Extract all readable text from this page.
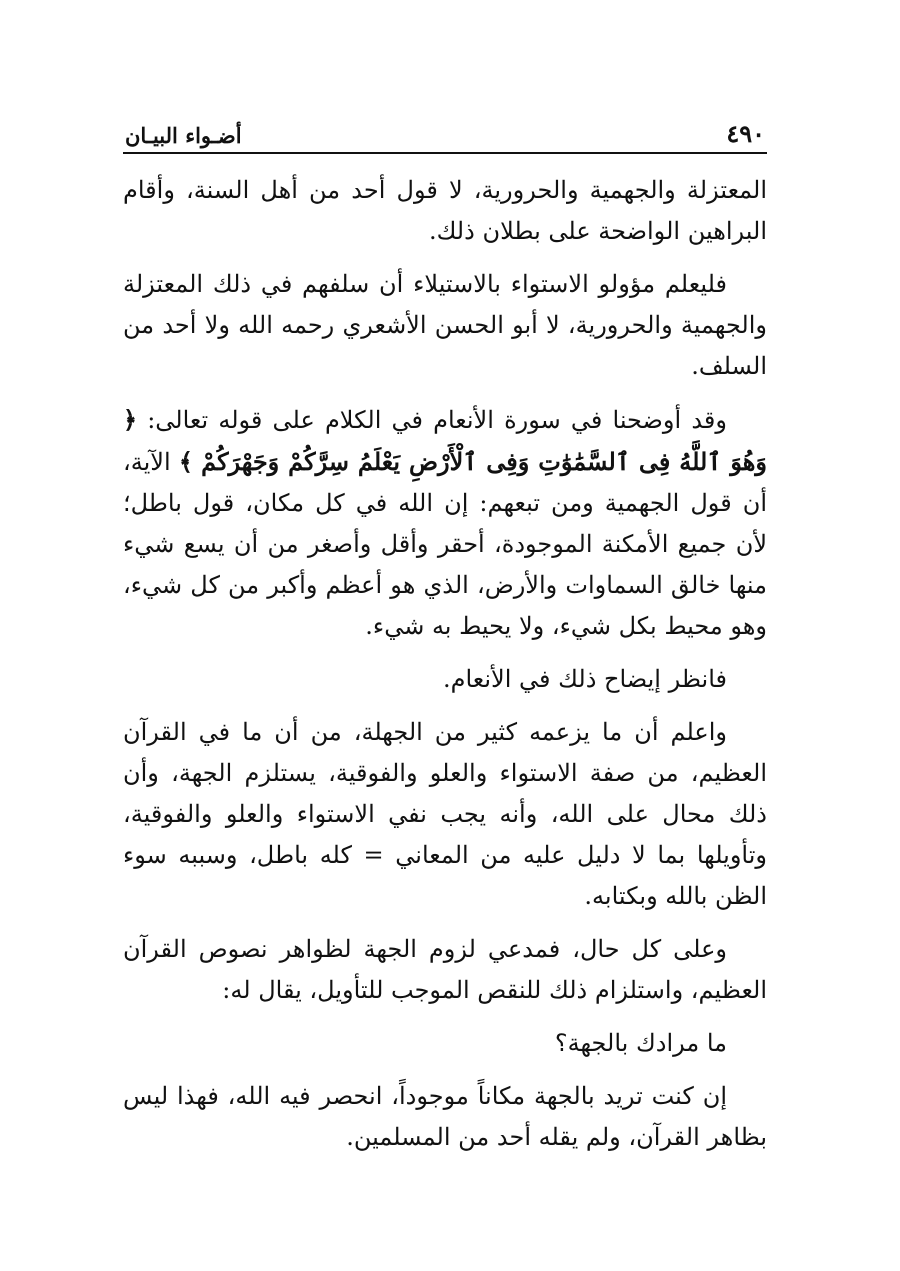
٤٩٠
أضـواء البيـان

المعتزلة والجهمية والحرورية، لا قول أحد من أهل السنة، وأقام البراهين الواضحة على بطلان ذلك.

فليعلم مؤولو الاستواء بالاستيلاء أن سلفهم في ذلك المعتزلة والجهمية والحرورية، لا أبو الحسن الأشعري رحمه الله ولا أحد من السلف.

وقد أوضحنا في سورة الأنعام في الكلام على قوله تعالى: ﴿ وَهُوَ ٱللَّهُ فِى ٱلسَّمَٰوَٰتِ وَفِى ٱلْأَرْضِ يَعْلَمُ سِرَّكُمْ وَجَهْرَكُمْ ﴾ الآية، أن قول الجهمية ومن تبعهم: إن الله في كل مكان، قول باطل؛ لأن جميع الأمكنة الموجودة، أحقر وأقل وأصغر من أن يسع شيء منها خالق السماوات والأرض، الذي هو أعظم وأكبر من كل شيء، وهو محيط بكل شيء، ولا يحيط به شيء.

فانظر إيضاح ذلك في الأنعام.

واعلم أن ما يزعمه كثير من الجهلة، من أن ما في القرآن العظيم، من صفة الاستواء والعلو والفوقية، يستلزم الجهة، وأن ذلك محال على الله، وأنه يجب نفي الاستواء والعلو والفوقية، وتأويلها بما لا دليل عليه من المعاني = كله باطل، وسببه سوء الظن بالله وبكتابه.

وعلى كل حال، فمدعي لزوم الجهة لظواهر نصوص القرآن العظيم، واستلزام ذلك للنقص الموجب للتأويل، يقال له:

ما مرادك بالجهة؟

إن كنت تريد بالجهة مكاناً موجوداً، انحصر فيه الله، فهذا ليس بظاهر القرآن، ولم يقله أحد من المسلمين.
